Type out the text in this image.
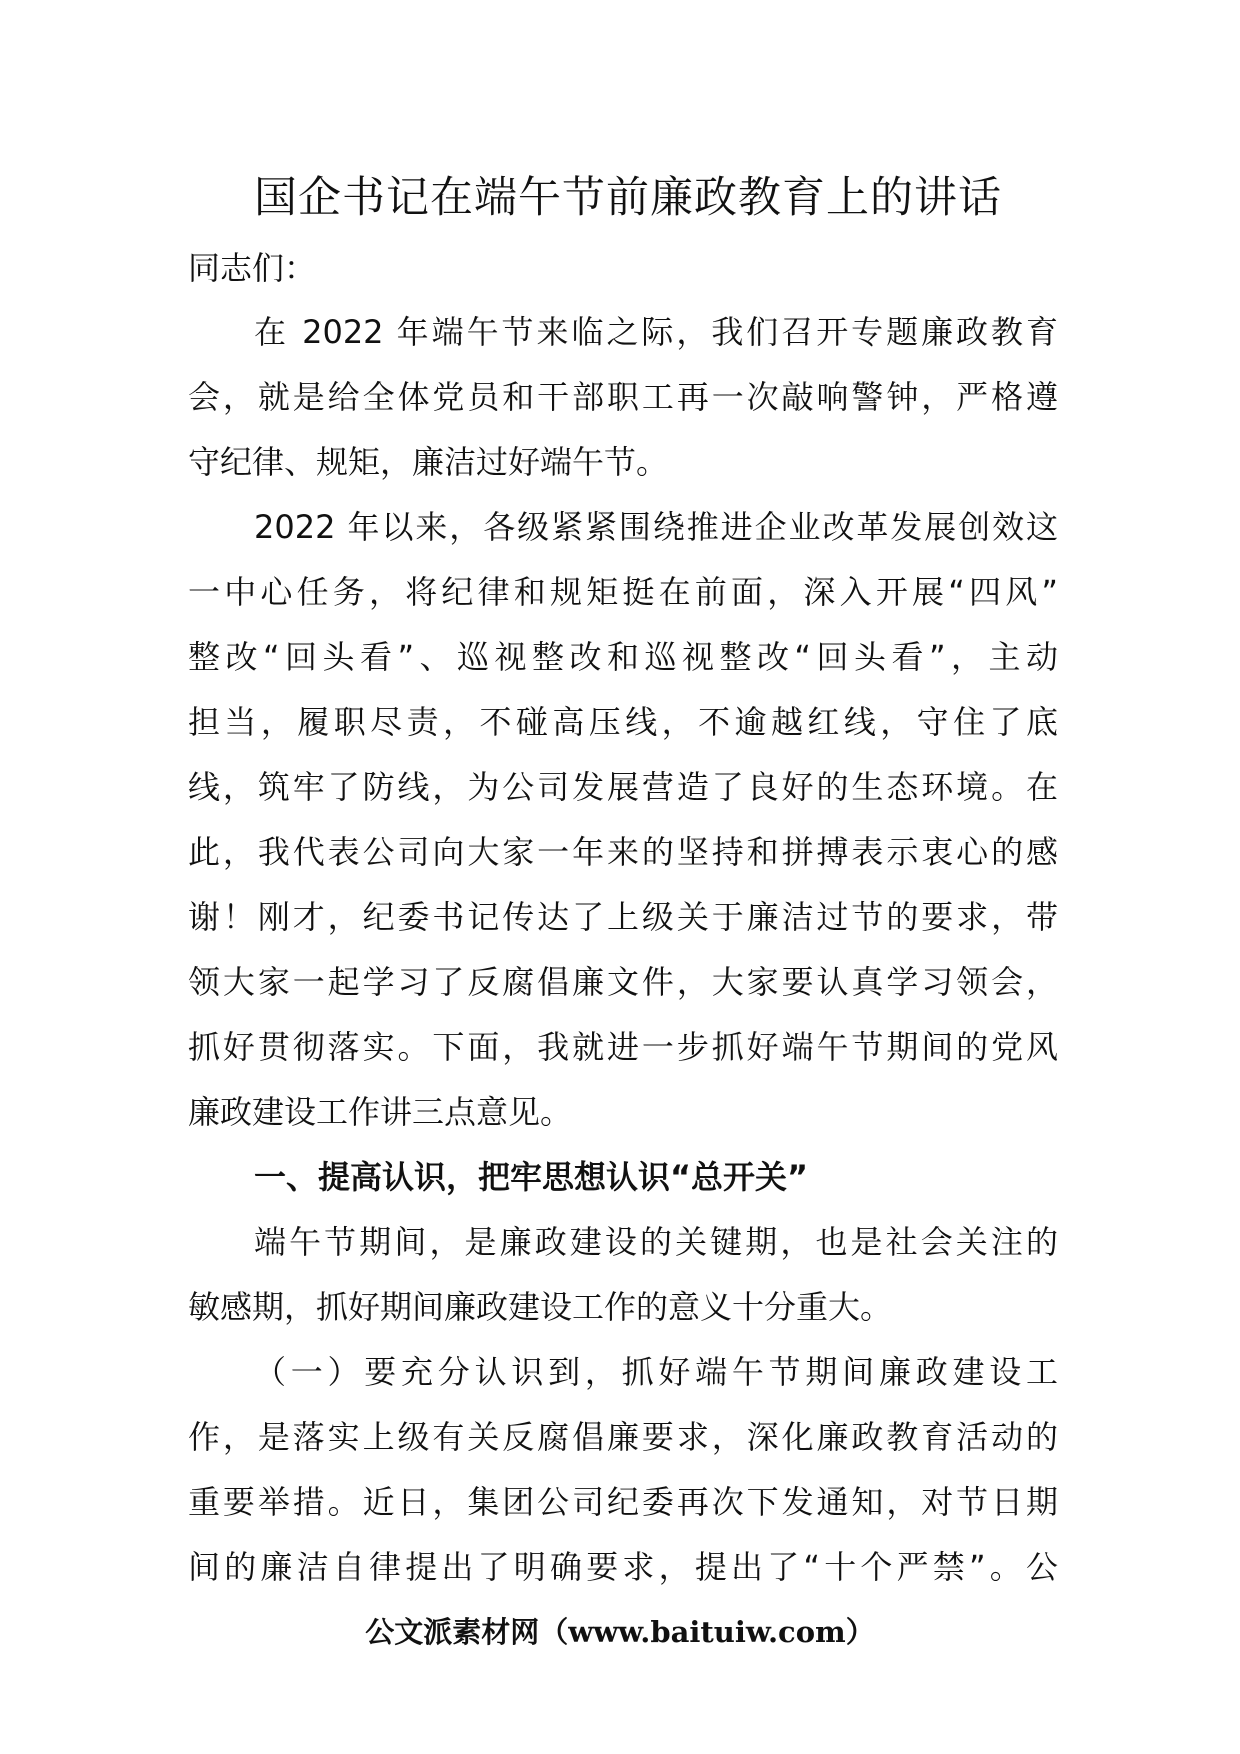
国企书记在端午节前廉政教育上的讲话

同志们：

在 2022 年端午节来临之际，我们召开专题廉政教育
会，就是给全体党员和干部职工再一次敲响警钟，严格遵
守纪律、规矩，廉洁过好端午节。

2022 年以来，各级紧紧围绕推进企业改革发展创效这
一中心任务，将纪律和规矩挺在前面，深入开展“四风”
整改“回头看”、巡视整改和巡视整改“回头看”，主动
担当，履职尽责，不碰高压线，不逾越红线，守住了底
线，筑牢了防线，为公司发展营造了良好的生态环境。在
此，我代表公司向大家一年来的坚持和拼搏表示衷心的感
谢！刚才，纪委书记传达了上级关于廉洁过节的要求，带
领大家一起学习了反腐倡廉文件，大家要认真学习领会，
抓好贯彻落实。下面，我就进一步抓好端午节期间的党风
廉政建设工作讲三点意见。

一、提高认识，把牢思想认识“总开关”

端午节期间，是廉政建设的关键期，也是社会关注的
敏感期，抓好期间廉政建设工作的意义十分重大。

（一）要充分认识到，抓好端午节期间廉政建设工
作，是落实上级有关反腐倡廉要求，深化廉政教育活动的
重要举措。近日，集团公司纪委再次下发通知，对节日期
间的廉洁自律提出了明确要求，提出了“十个严禁”。公

公文派素材网（www.baituiw.com）
